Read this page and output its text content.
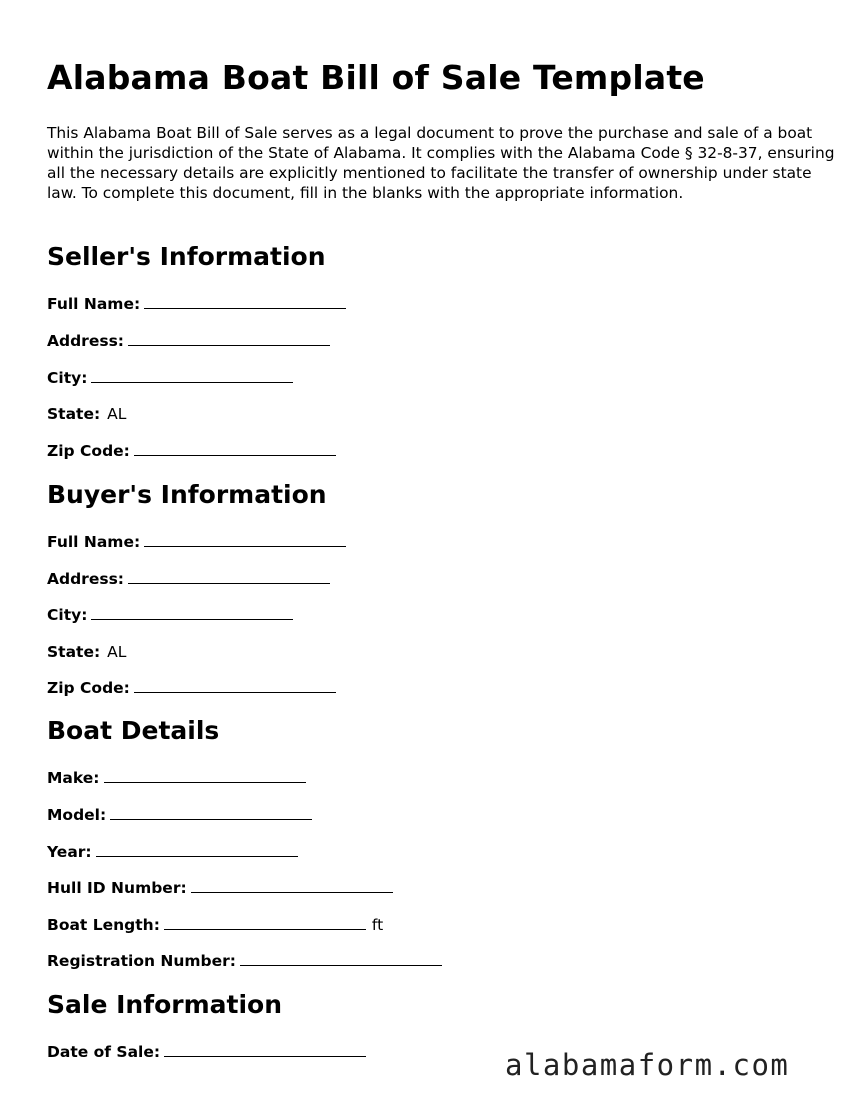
Alabama Boat Bill of Sale Template

This Alabama Boat Bill of Sale serves as a legal document to prove the purchase and sale of a boat within the jurisdiction of the State of Alabama. It complies with the Alabama Code § 32-8-37, ensuring all the necessary details are explicitly mentioned to facilitate the transfer of ownership under state law. To complete this document, fill in the blanks with the appropriate information.

Seller's Information
Full Name:
Address:
City:
State: AL
Zip Code:
Buyer's Information
Full Name:
Address:
City:
State: AL
Zip Code:
Boat Details
Make:
Model:
Year:
Hull ID Number:
Boat Length:	ft
Registration Number:
Sale Information
Date of Sale:	alabamaform.com
